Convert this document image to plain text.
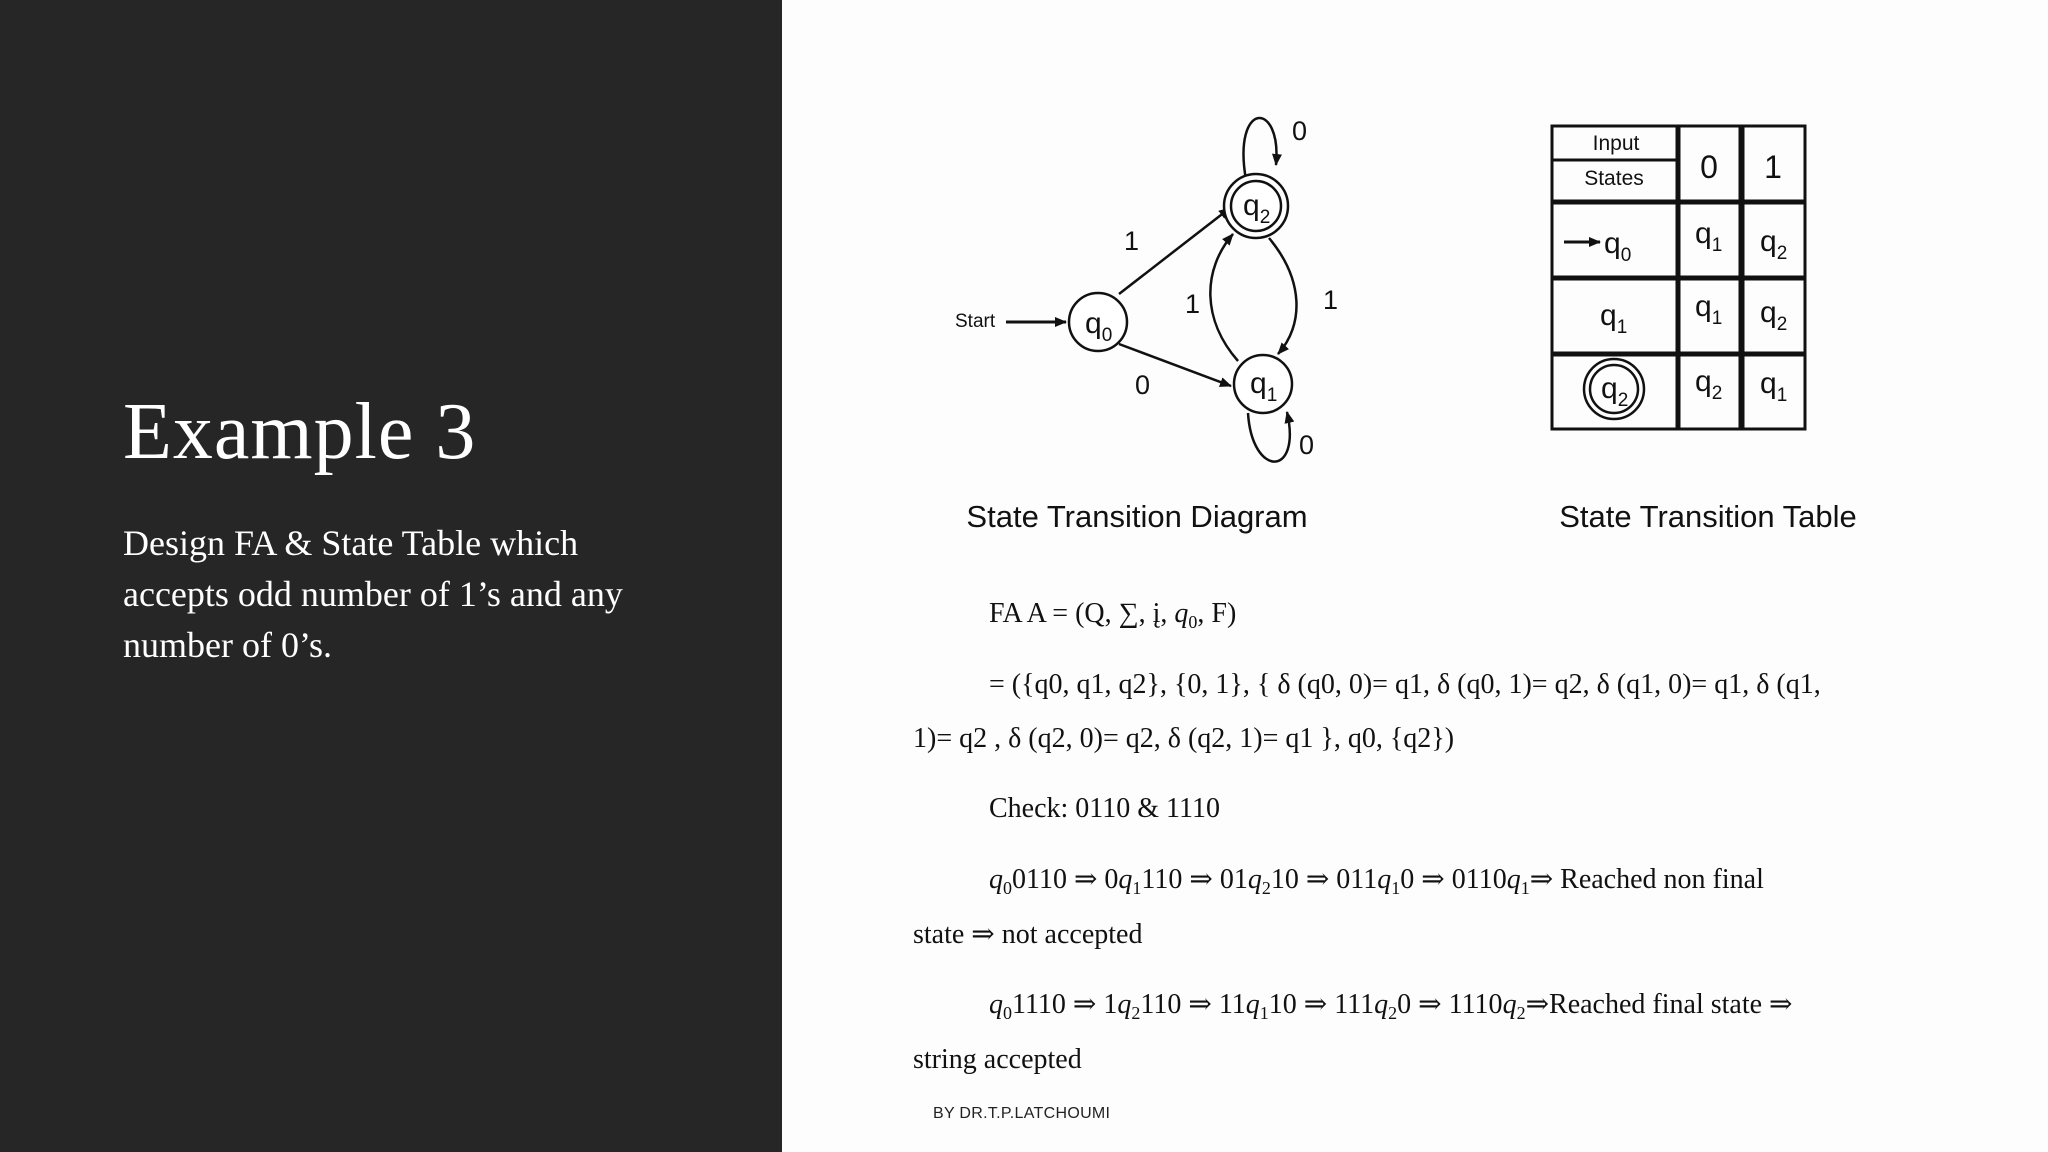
Example 3

Design FA & State Table which accepts odd number of 1’s and any number of 0’s.

Start	$q_0$
$q_1$
$q_2$
1
0
1	1
0
0
State Transition Diagram
Input
States 0 1
$q_0$
$q_1$ $q_2$
$q_1$
$q_1$ $q_2$
$q_2$
$q_2$ $q_1$
State Transition Table

FA A = (Q, ∑, į, $q_0$, F)

= ({q0, q1, q2}, {0, 1}, { δ (q0, 0)= q1, δ (q0, 1)= q2, δ (q1, 0)= q1, δ (q1,

1)= q2 , δ (q2, 0)= q2, δ (q2, 1)= q1 }, q0, {q2})

Check: 0110 & 1110

$q_00110$ ⇒ $0q_1110$ ⇒ $01q_210$ ⇒ $011q_10$ ⇒ $0110q_1\Rightarrow$ Reached non final

state ⇒ not accepted

$q_01110$ ⇒ $1q_2110$ ⇒ $11q_110$ ⇒ $111q_20$ ⇒ $1110q_2\Rightarrow Reached$ final state ⇒

string accepted

BY DR.T.P.LATCHOUMI
